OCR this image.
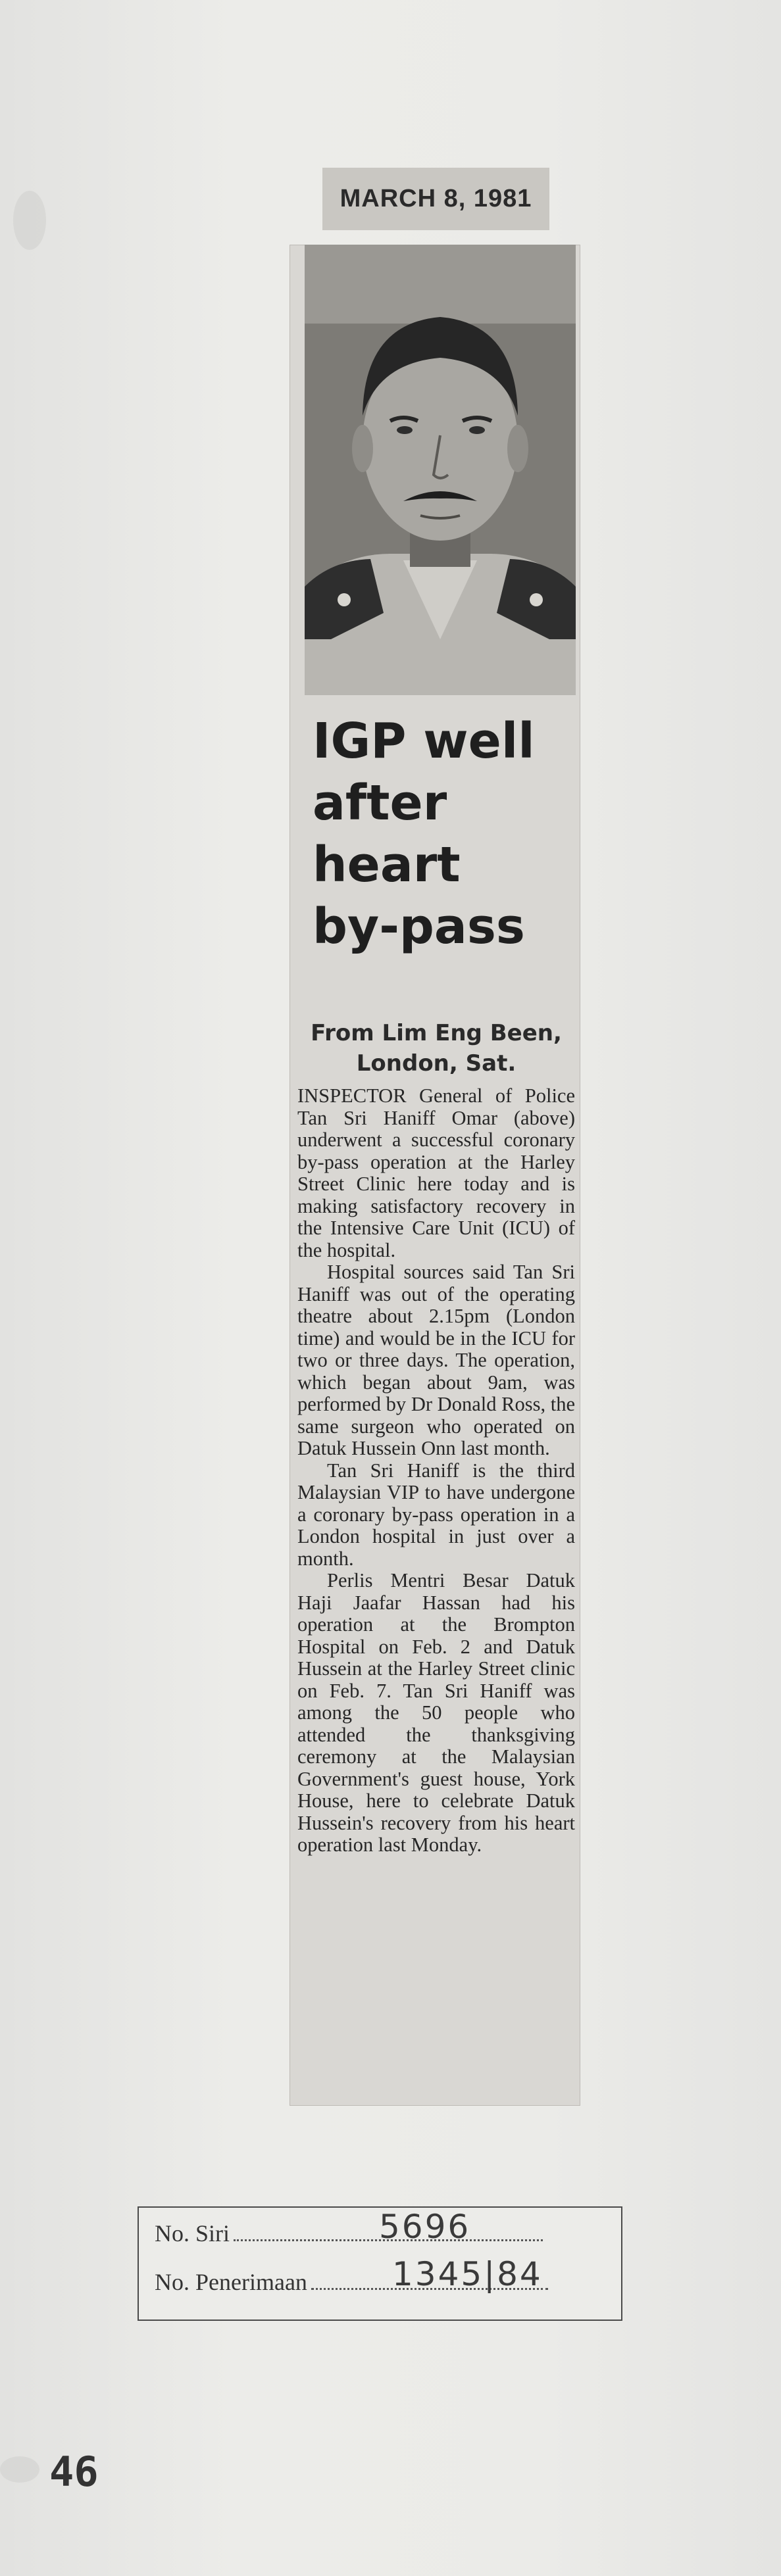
MARCH 8, 1981
IGP well
after
heart
by-pass
From Lim Eng Been,
London, Sat.

INSPECTOR General of Police Tan Sri Haniff Omar (above) underwent a successful coronary by-pass operation at the Harley Street Clinic here today and is making satisfactory recovery in the Intensive Care Unit (ICU) of the hospital.

Hospital sources said Tan Sri Haniff was out of the operating theatre about 2.15pm (London time) and would be in the ICU for two or three days. The operation, which began about 9am, was performed by Dr Donald Ross, the same surgeon who operated on Datuk Hussein Onn last month.

Tan Sri Haniff is the third Malaysian VIP to have undergone a coronary by-pass operation in a London hospital in just over a month.

Perlis Mentri Besar Datuk Haji Jaafar Hassan had his operation at the Brompton Hospital on Feb. 2 and Datuk Hussein at the Harley Street clinic on Feb. 7. Tan Sri Haniff was among the 50 people who attended the thanksgiving ceremony at the Malaysian Government's guest house, York House, here to celebrate Datuk Hussein's recovery from his heart operation last Monday.

No. Siri	5696
No. Penerimaan	1345|84
46
